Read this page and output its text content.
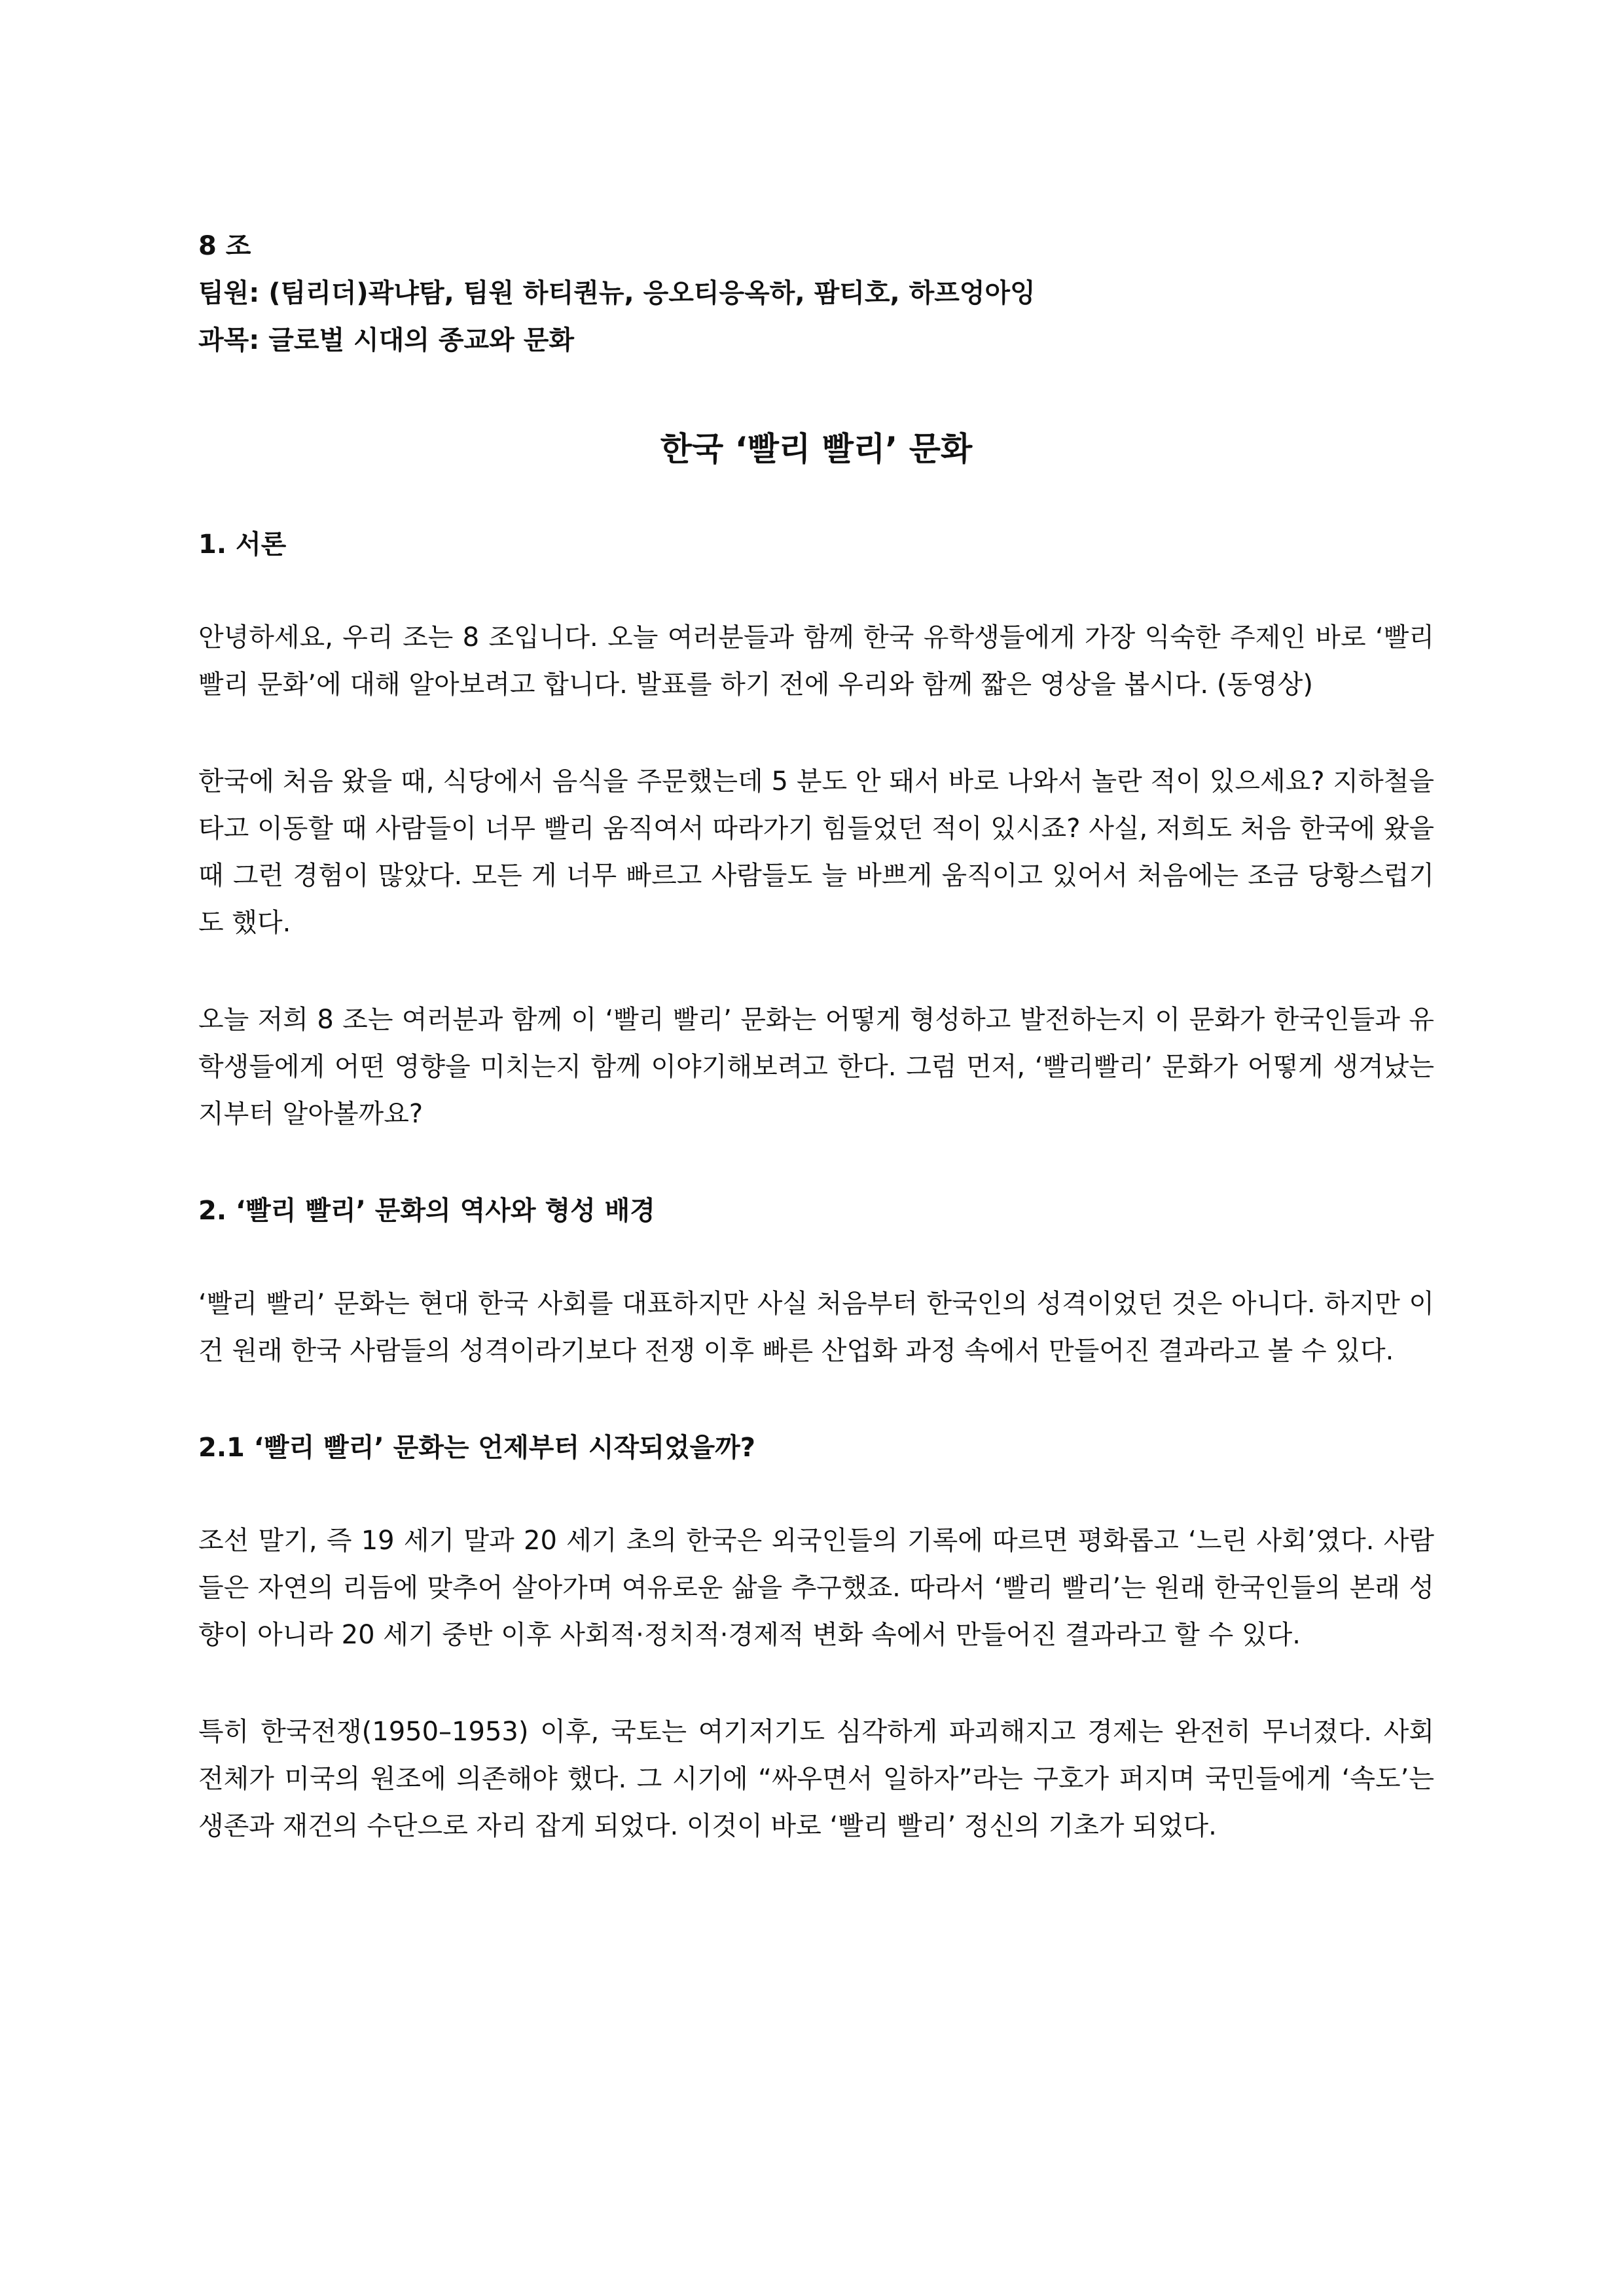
8 조

팀원: (팀리더)곽냐탐, 팀원 하티퀀뉴, 응오티응옥하, 팜티호, 하프엉아잉

과목: 글로벌 시대의 종교와 문화

한국 ‘빨리 빨리’ 문화
1. 서론

안녕하세요, 우리 조는 8 조입니다. 오늘 여러분들과 함께 한국 유학생들에게 가장 익숙한 주제인 바로 ‘빨리빨리 문화’에 대해 알아보려고 합니다. 발표를 하기 전에 우리와 함께 짧은 영상을 봅시다. (동영상)

한국에 처음 왔을 때, 식당에서 음식을 주문했는데 5 분도 안 돼서 바로 나와서 놀란 적이 있으세요? 지하철을 타고 이동할 때 사람들이 너무 빨리 움직여서 따라가기 힘들었던 적이 있시죠? 사실, 저희도 처음 한국에 왔을 때 그런 경험이 많았다. 모든 게 너무 빠르고 사람들도 늘 바쁘게 움직이고 있어서 처음에는 조금 당황스럽기도 했다.

오늘 저희 8 조는 여러분과 함께 이 ‘빨리 빨리’ 문화는 어떻게 형성하고 발전하는지 이 문화가 한국인들과 유학생들에게 어떤 영향을 미치는지 함께 이야기해보려고 한다. 그럼 먼저, ‘빨리빨리’ 문화가 어떻게 생겨났는지부터 알아볼까요?

2. ‘빨리 빨리’ 문화의 역사와 형성 배경

‘빨리 빨리’ 문화는 현대 한국 사회를 대표하지만 사실 처음부터 한국인의 성격이었던 것은 아니다. 하지만 이건 원래 한국 사람들의 성격이라기보다 전쟁 이후 빠른 산업화 과정 속에서 만들어진 결과라고 볼 수 있다.

2.1 ‘빨리 빨리’ 문화는 언제부터 시작되었을까?

조선 말기, 즉 19 세기 말과 20 세기 초의 한국은 외국인들의 기록에 따르면 평화롭고 ‘느린 사회’였다. 사람들은 자연의 리듬에 맞추어 살아가며 여유로운 삶을 추구했죠. 따라서 ‘빨리 빨리’는 원래 한국인들의 본래 성향이 아니라 20 세기 중반 이후 사회적·정치적·경제적 변화 속에서 만들어진 결과라고 할 수 있다.

특히 한국전쟁(1950–1953) 이후, 국토는 여기저기도 심각하게 파괴해지고 경제는 완전히 무너졌다. 사회 전체가 미국의 원조에 의존해야 했다. 그 시기에 “싸우면서 일하자”라는 구호가 퍼지며 국민들에게 ‘속도’는 생존과 재건의 수단으로 자리 잡게 되었다. 이것이 바로 ‘빨리 빨리’ 정신의 기초가 되었다.
